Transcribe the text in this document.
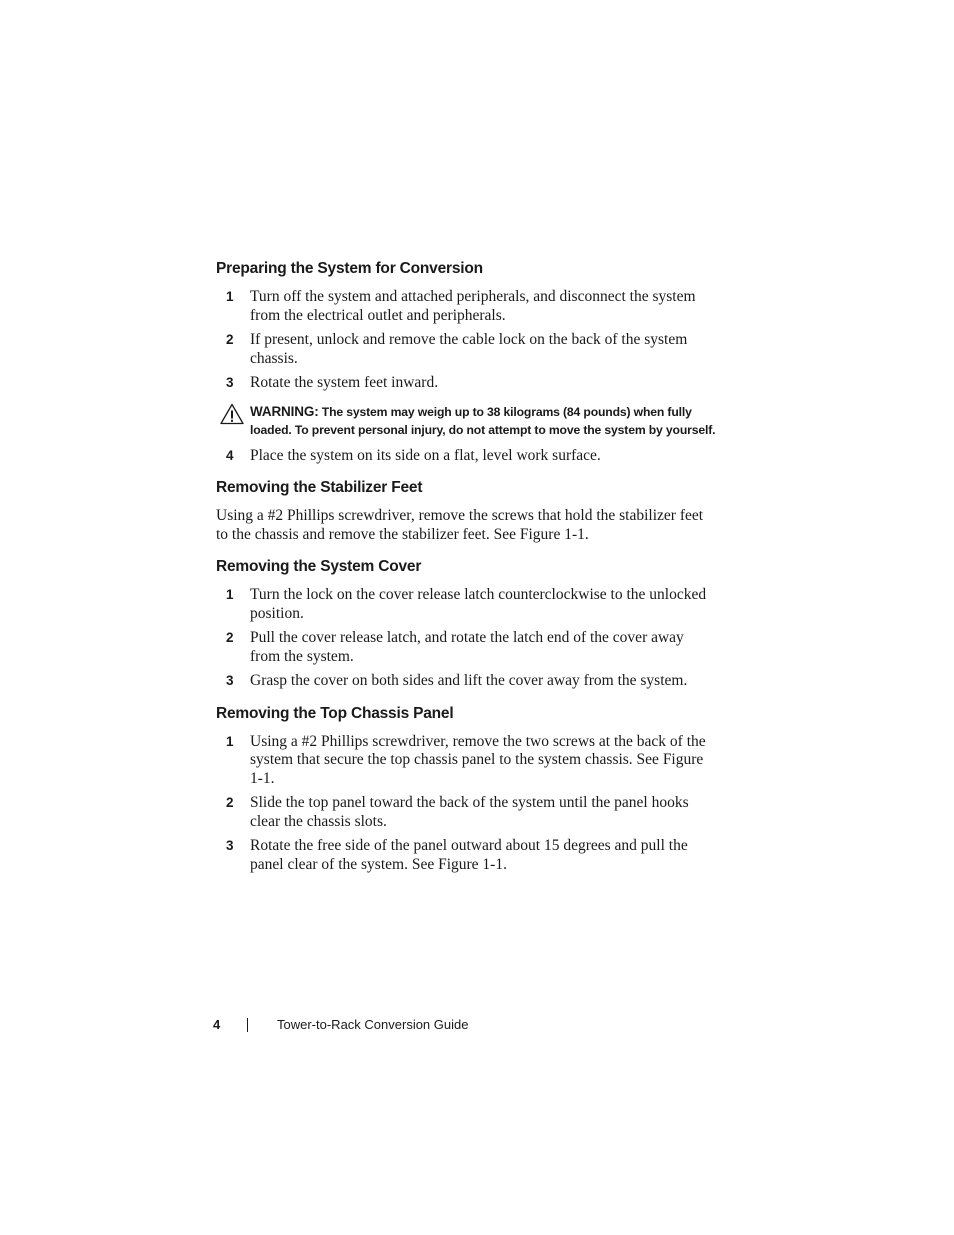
Preparing the System for Conversion
1 Turn off the system and attached peripherals, and disconnect the system from the electrical outlet and peripherals.
2 If present, unlock and remove the cable lock on the back of the system chassis.
3 Rotate the system feet inward.
WARNING: The system may weigh up to 38 kilograms (84 pounds) when fully loaded. To prevent personal injury, do not attempt to move the system by yourself.
4 Place the system on its side on a flat, level work surface.
Removing the Stabilizer Feet

Using a #2 Phillips screwdriver, remove the screws that hold the stabilizer feet to the chassis and remove the stabilizer feet. See Figure 1-1.

Removing the System Cover
1 Turn the lock on the cover release latch counterclockwise to the unlocked position.
2 Pull the cover release latch, and rotate the latch end of the cover away from the system.
3 Grasp the cover on both sides and lift the cover away from the system.
Removing the Top Chassis Panel
1 Using a #2 Phillips screwdriver, remove the two screws at the back of the system that secure the top chassis panel to the system chassis. See Figure 1-1.
2 Slide the top panel toward the back of the system until the panel hooks clear the chassis slots.
3 Rotate the free side of the panel outward about 15 degrees and pull the panel clear of the system. See Figure 1-1.
4	Tower-to-Rack Conversion Guide
